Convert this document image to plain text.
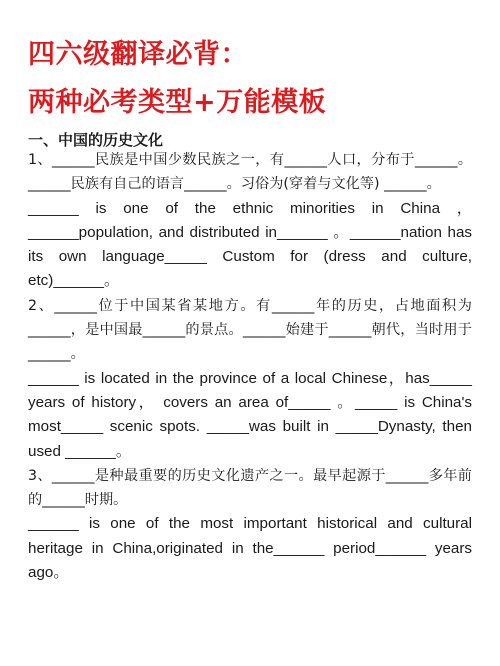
四六级翻译必背：
两种必考类型+万能模板
一、中国的历史文化

1、______民族是中国少数民族之一，有______人口，分布于______。______民族有自己的语言______。习俗为(穿着与文化等) ______。

______ is one of the ethnic minorities in China ，______population, and distributed in______ 。______nation has its own language_____ Custom for (dress and culture, etc)______。

2、______位于中国某省某地方。有______年的历史，占地面积为______，是中国最______的景点。______始建于______朝代，当时用于______。

______ is located in the province of a local Chinese，has_____ years of history， covers an area of_____ 。_____ is China's most_____ scenic spots. _____was built in _____Dynasty, then used ______。

3、______是种最重要的历史文化遗产之一。最早起源于______多年前的______时期。

______ is one of the most important historical and cultural heritage in China,originated in the______ period______ years ago。
